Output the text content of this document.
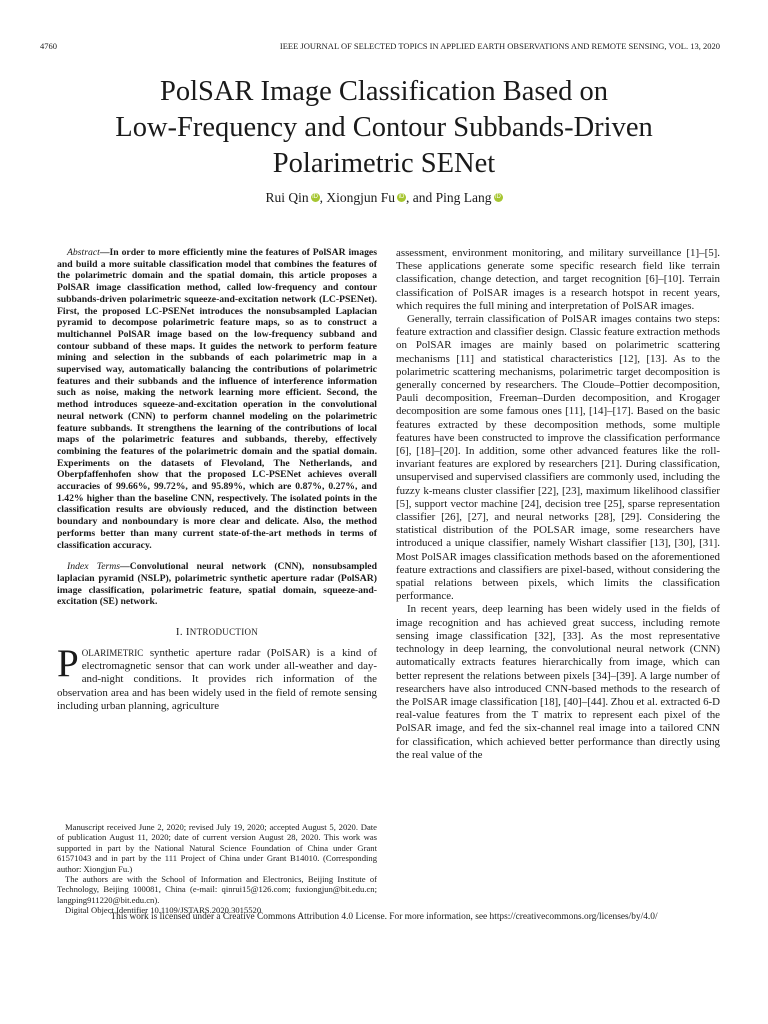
4760	IEEE JOURNAL OF SELECTED TOPICS IN APPLIED EARTH OBSERVATIONS AND REMOTE SENSING, VOL. 13, 2020
PolSAR Image Classification Based on
Low-Frequency and Contour Subbands-Driven
Polarimetric SENet
Rui Qin iD , Xiongjun Fu iD , and Ping Lang iD

Abstract—In order to more efficiently mine the features of PolSAR images and build a more suitable classification model that combines the features of the polarimetric domain and the spatial domain, this article proposes a PolSAR image classification method, called low-frequency and contour subbands-driven polarimetric squeeze-and-excitation network (LC-PSENet). First, the proposed LC-PSENet introduces the nonsubsampled Laplacian pyramid to decompose polarimetric feature maps, so as to construct a multichannel PolSAR image based on the low-frequency subband and contour subband of these maps. It guides the network to perform feature mining and selection in the subbands of each polarimetric map in a supervised way, automatically balancing the contributions of polarimetric features and their subbands and the influence of interference information such as noise, making the network learning more efficient. Second, the method introduces squeeze-and-excitation operation in the convolutional neural network (CNN) to perform channel modeling on the polarimetric feature subbands. It strengthens the learning of the contributions of local maps of the polarimetric features and subbands, thereby, effectively combining the features of the polarimetric domain and the spatial domain. Experiments on the datasets of Flevoland, The Netherlands, and Oberpfaffenhofen show that the proposed LC-PSENet achieves overall accuracies of 99.66%, 99.72%, and 95.89%, which are 0.87%, 0.27%, and 1.42% higher than the baseline CNN, respectively. The isolated points in the classification results are obviously reduced, and the distinction between boundary and nonboundary is more clear and delicate. Also, the method performs better than many current state-of-the-art methods in terms of classification accuracy.

Index Terms—Convolutional neural network (CNN), nonsubsampled laplacian pyramid (NSLP), polarimetric synthetic aperture radar (PolSAR) image classification, polarimetric feature, spatial domain, squeeze-and-excitation (SE) network.

I. INTRODUCTION

POLARIMETRIC synthetic aperture radar (PolSAR) is a kind of electromagnetic sensor that can work under all-weather and day-and-night conditions. It provides rich information of the observation area and has been widely used in the field of remote sensing including urban planning, agriculture

Manuscript received June 2, 2020; revised July 19, 2020; accepted August 5, 2020. Date of publication August 11, 2020; date of current version August 28, 2020. This work was supported in part by the National Natural Science Foundation of China under Grant 61571043 and in part by the 111 Project of China under Grant B14010. (Corresponding author: Xiongjun Fu.)

The authors are with the School of Information and Electronics, Beijing Institute of Technology, Beijing 100081, China (e-mail: qinrui15@126.com; fuxiongjun@bit.edu.cn; langping911220@bit.edu.cn).

Digital Object Identifier 10.1109/JSTARS.2020.3015520

assessment, environment monitoring, and military surveillance [1]–[5]. These applications generate some specific research field like terrain classification, change detection, and target recognition [6]–[10]. Terrain classification of PolSAR images is a research hotspot in recent years, which requires the full mining and interpretation of PolSAR images.

Generally, terrain classification of PolSAR images contains two steps: feature extraction and classifier design. Classic feature extraction methods on PolSAR images are mainly based on polarimetric scattering mechanisms [11] and statistical characteristics [12], [13]. As to the polarimetric scattering mechanisms, polarimetric target decomposition is generally concerned by researchers. The Cloude–Pottier decomposition, Pauli decomposition, Freeman–Durden decomposition, and Krogager decomposition are some famous ones [11], [14]–[17]. Based on the basic features extracted by these decomposition methods, some multiple features have been constructed to improve the classification performance [6], [18]–[20]. In addition, some other advanced features like the roll-invariant features are explored by researchers [21]. During classification, unsupervised and supervised classifiers are commonly used, including the fuzzy k-means cluster classifier [22], [23], maximum likelihood classifier [5], support vector machine [24], decision tree [25], sparse representation classifier [26], [27], and neural networks [28], [29]. Considering the statistical distribution of the POLSAR image, some researchers have introduced a unique classifier, namely Wishart classifier [13], [30], [31]. Most PolSAR images classification methods based on the aforementioned feature extractions and classifiers are pixel-based, without considering the spatial relations between pixels, which limits the classification performance.

In recent years, deep learning has been widely used in the fields of image recognition and has achieved great success, including remote sensing image classification [32], [33]. As the most representative technology in deep learning, the convolutional neural network (CNN) automatically extracts features hierarchically from image, which can better represent the relations between pixels [34]–[39]. A large number of researchers have also introduced CNN-based methods to the research of the PolSAR image classification [18], [40]–[44]. Zhou et al. extracted 6-D real-value features from the T matrix to represent each pixel of the PolSAR image, and fed the six-channel real image into a tailored CNN for classification, which achieved better performance than directly using the real value of the

This work is licensed under a Creative Commons Attribution 4.0 License. For more information, see https://creativecommons.org/licenses/by/4.0/
